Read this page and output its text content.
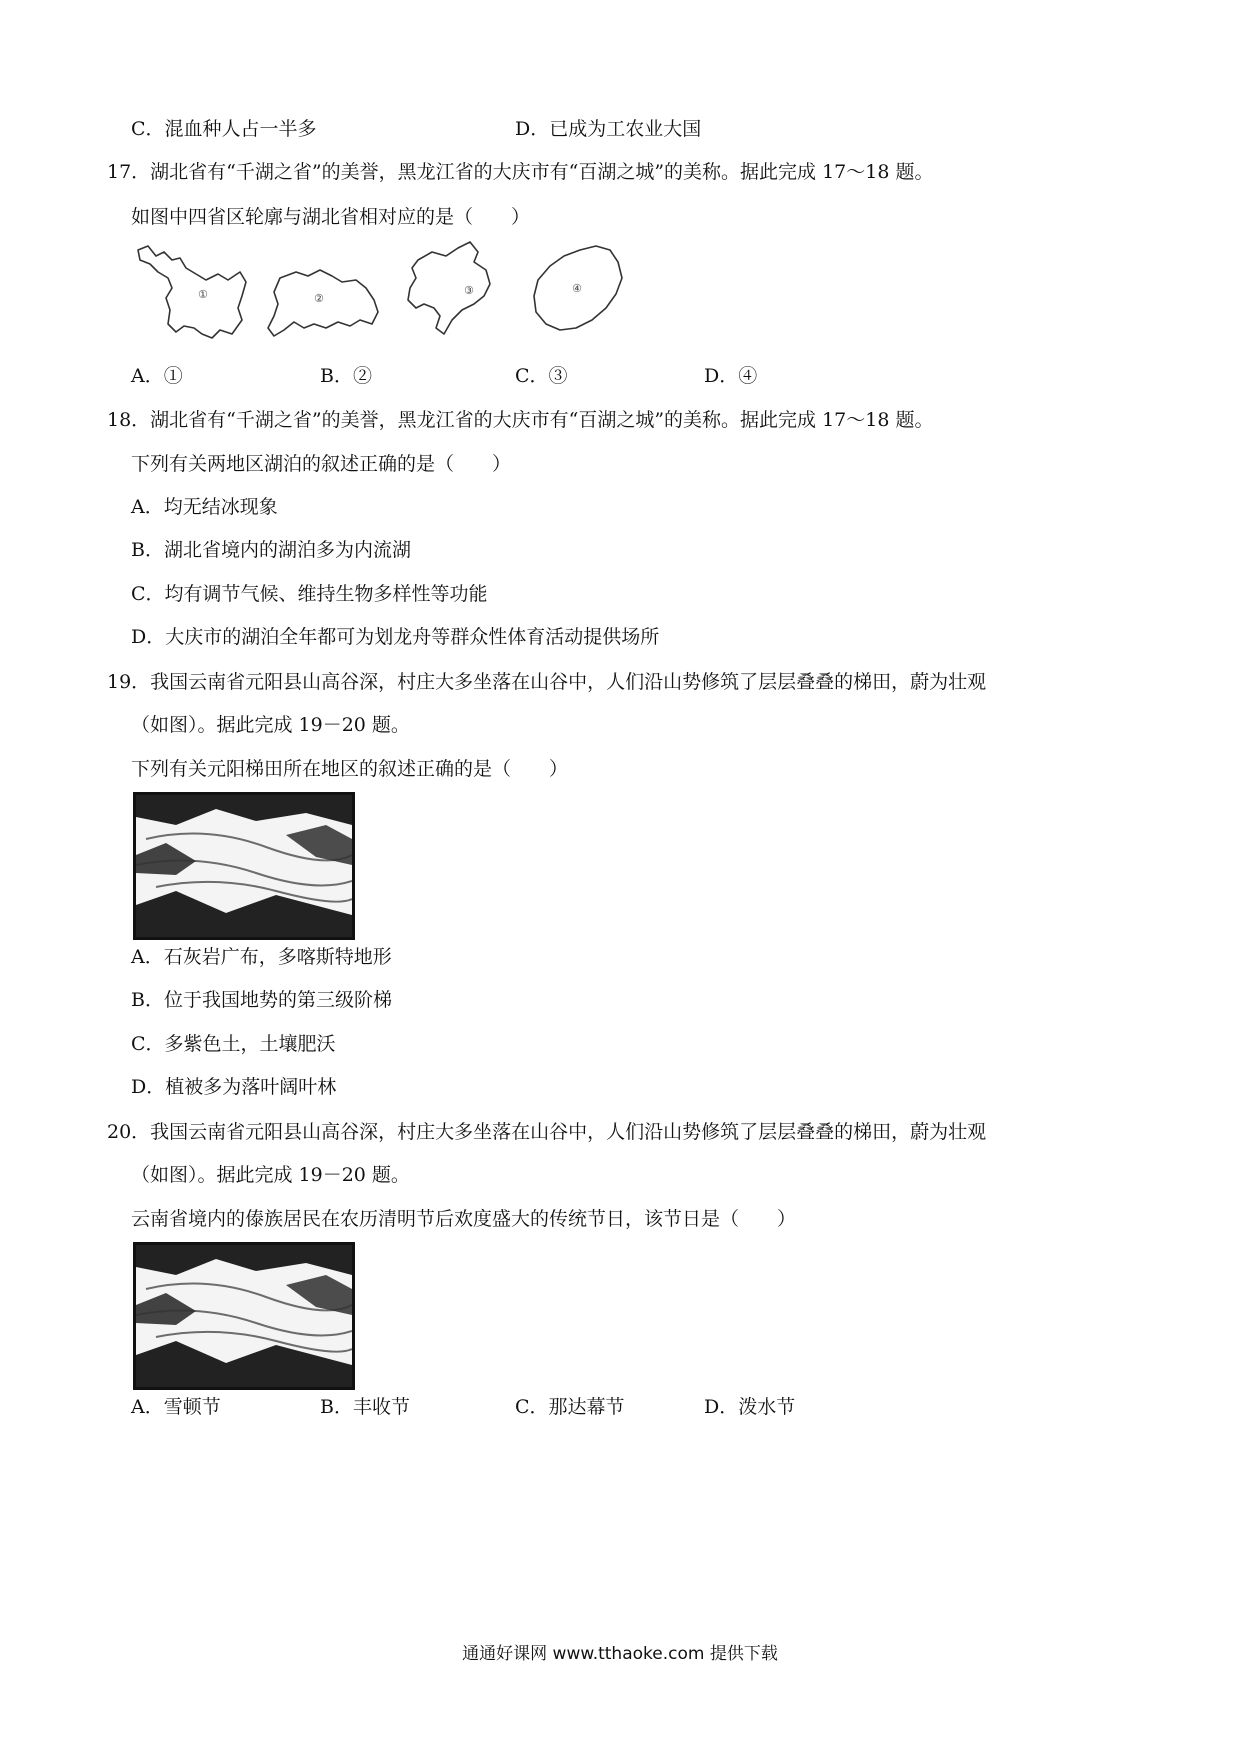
C．混血种人占一半多	D．已成为工农业大国
17．湖北省有“千湖之省”的美誉，黑龙江省的大庆市有“百湖之城”的美称。据此完成 17～18 题。
如图中四省区轮廓与湖北省相对应的是（　　）
①	②
③	④
A．①	B．②	C．③	D．④
18．湖北省有“千湖之省”的美誉，黑龙江省的大庆市有“百湖之城”的美称。据此完成 17～18 题。
下列有关两地区湖泊的叙述正确的是（　　）
A．均无结冰现象
B．湖北省境内的湖泊多为内流湖
C．均有调节气候、维持生物多样性等功能
D．大庆市的湖泊全年都可为划龙舟等群众性体育活动提供场所
19．我国云南省元阳县山高谷深，村庄大多坐落在山谷中，人们沿山势修筑了层层叠叠的梯田，蔚为壮观
（如图）。据此完成 19－20 题。
下列有关元阳梯田所在地区的叙述正确的是（　　）
A．石灰岩广布，多喀斯特地形
B．位于我国地势的第三级阶梯
C．多紫色土，土壤肥沃
D．植被多为落叶阔叶林
20．我国云南省元阳县山高谷深，村庄大多坐落在山谷中，人们沿山势修筑了层层叠叠的梯田，蔚为壮观
（如图）。据此完成 19－20 题。
云南省境内的傣族居民在农历清明节后欢度盛大的传统节日，该节日是（　　）
A．雪顿节	B．丰收节	C．那达幕节	D．泼水节
通通好课网 www.tthaoke.com 提供下载
